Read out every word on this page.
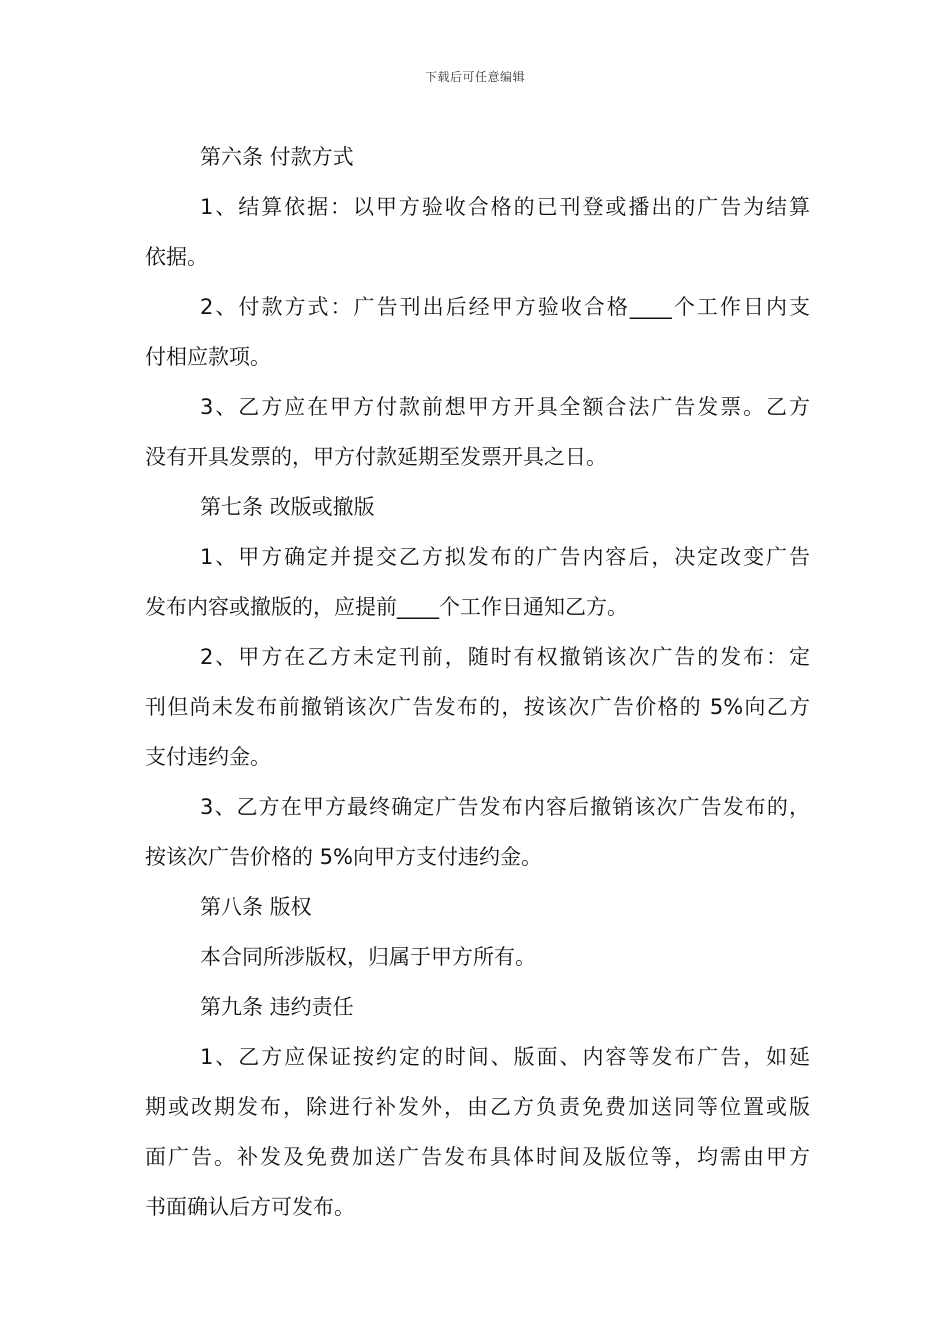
下载后可任意编辑
第六条 付款方式
1、结算依据：以甲方验收合格的已刊登或播出的广告为结算
依据。
2、付款方式：广告刊出后经甲方验收合格____个工作日内支
付相应款项。
3、乙方应在甲方付款前想甲方开具全额合法广告发票。乙方
没有开具发票的，甲方付款延期至发票开具之日。
第七条 改版或撤版
1、甲方确定并提交乙方拟发布的广告内容后，决定改变广告
发布内容或撤版的，应提前____个工作日通知乙方。
2、甲方在乙方未定刊前，随时有权撤销该次广告的发布：定
刊但尚未发布前撤销该次广告发布的，按该次广告价格的 5%向乙方
支付违约金。
3、乙方在甲方最终确定广告发布内容后撤销该次广告发布的，
按该次广告价格的 5%向甲方支付违约金。
第八条 版权
本合同所涉版权，归属于甲方所有。
第九条 违约责任
1、乙方应保证按约定的时间、版面、内容等发布广告，如延
期或改期发布，除进行补发外，由乙方负责免费加送同等位置或版
面广告。补发及免费加送广告发布具体时间及版位等，均需由甲方
书面确认后方可发布。
